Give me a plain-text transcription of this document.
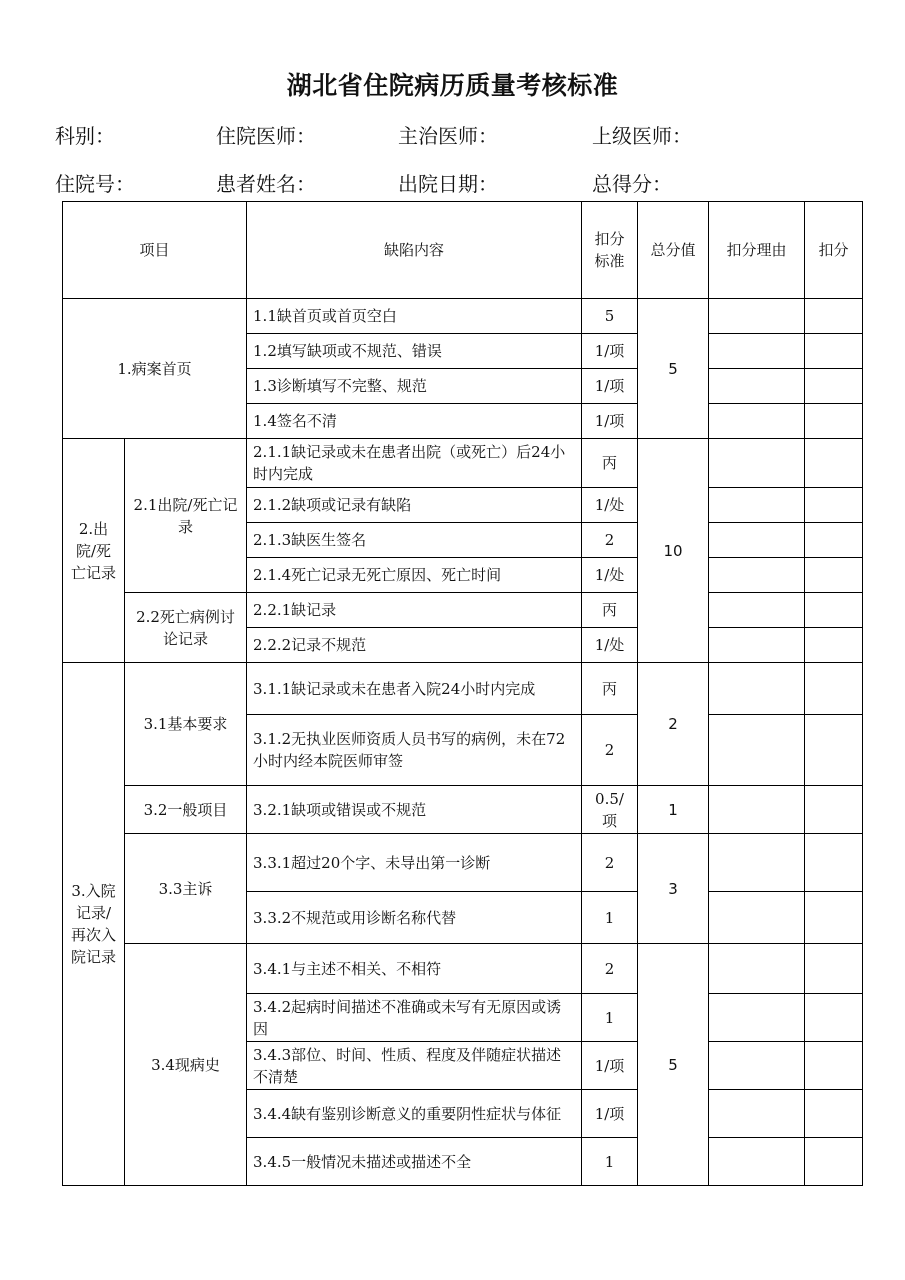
湖北省住院病历质量考核标准
科别：	住院医师：	主治医师：	上级医师：
住院号：	患者姓名：	出院日期：	总得分：
项目		缺陷内容	扣分标准	总分值	扣分理由	扣分
1.病案首页		1.1缺首页或首页空白	5	5		
		1.2填写缺项或不规范、错误	1/项			
		1.3诊断填写不完整、规范	1/项			
		1.4签名不清	1/项			
2.出院/死亡记录	2.1出院/死亡记录	2.1.1缺记录或未在患者出院（或死亡）后24小时内完成	丙	10		
		2.1.2缺项或记录有缺陷	1/处			
		2.1.3缺医生签名	2			
		2.1.4死亡记录无死亡原因、死亡时间	1/处			
	2.2死亡病例讨论记录	2.2.1缺记录	丙			
		2.2.2记录不规范	1/处			
3.入院记录/再次入院记录	3.1基本要求	3.1.1缺记录或未在患者入院24小时内完成	丙	2		
		3.1.2无执业医师资质人员书写的病例，未在72小时内经本院医师审签	2			
	3.2一般项目	3.2.1缺项或错误或不规范	0.5/项	1		
	3.3主诉	3.3.1超过20个字、未导出第一诊断	2	3		
		3.3.2不规范或用诊断名称代替	1			
	3.4现病史	3.4.1与主述不相关、不相符	2	5		
		3.4.2起病时间描述不准确或未写有无原因或诱因	1			
		3.4.3部位、时间、性质、程度及伴随症状描述不清楚	1/项			
		3.4.4缺有鉴别诊断意义的重要阴性症状与体征	1/项			
		3.4.5一般情况未描述或描述不全	1			
